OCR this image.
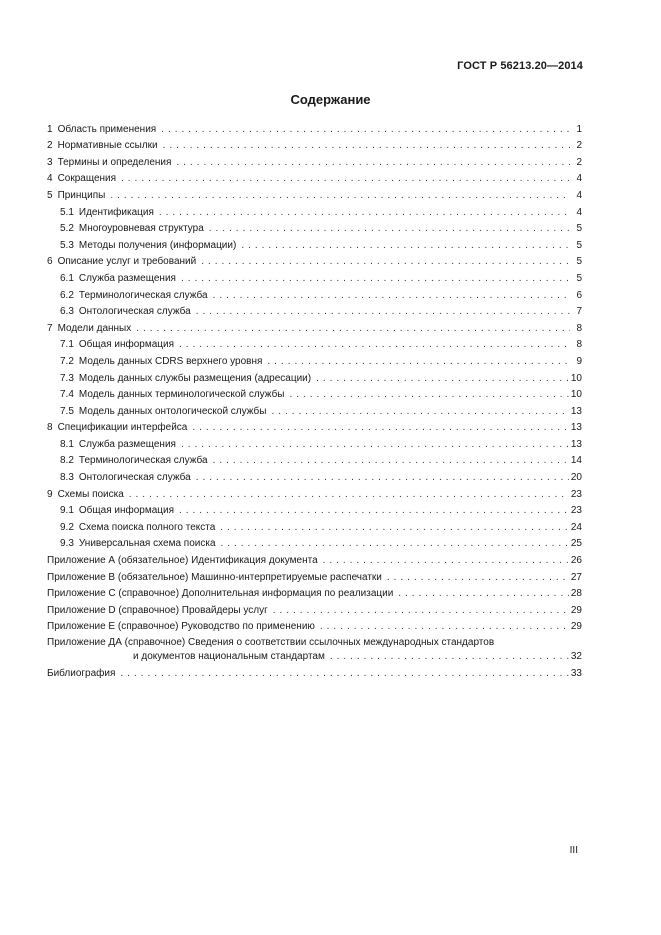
ГОСТ Р 56213.20—2014
Содержание
1 Область применения . . .	1
2 Нормативные ссылки . . .	2
3 Термины и определения . . .	2
4 Сокращения . . .	4
5 Принципы . . .	4
5.1 Идентификация . . .	4
5.2 Многоуровневая структура . . .	5
5.3 Методы получения (информации) . . .	5
6 Описание услуг и требований . . .	5
6.1 Служба размещения . . .	5
6.2 Терминологическая служба . . .	6
6.3 Онтологическая служба . . .	7
7 Модели данных . . .	8
7.1 Общая информация . . .	8
7.2 Модель данных CDRS верхнего уровня . . .	9
7.3 Модель данных службы размещения (адресации) . . .	10
7.4 Модель данных терминологической службы . . .	10
7.5 Модель данных онтологической службы . . .	13
8 Спецификации интерфейса . . .	13
8.1 Служба размещения . . .	13
8.2 Терминологическая служба . . .	14
8.3 Онтологическая служба . . .	20
9 Схемы поиска . . .	23
9.1 Общая информация . . .	23
9.2 Схема поиска полного текста . . .	24
9.3 Универсальная схема поиска . . .	25
Приложение А (обязательное) Идентификация документа . . .	26
Приложение В (обязательное) Машинно-интерпретируемые распечатки . . .	27
Приложение С (справочное) Дополнительная информация по реализации . . .	28
Приложение D (справочное) Провайдеры услуг . . .	29
Приложение E (справочное) Руководство по применению . . .	29
Приложение ДА (справочное) Сведения о соответствии ссылочных международных стандартов
и документов национальным стандартам . . .	32
Библиография . . .	33
III
